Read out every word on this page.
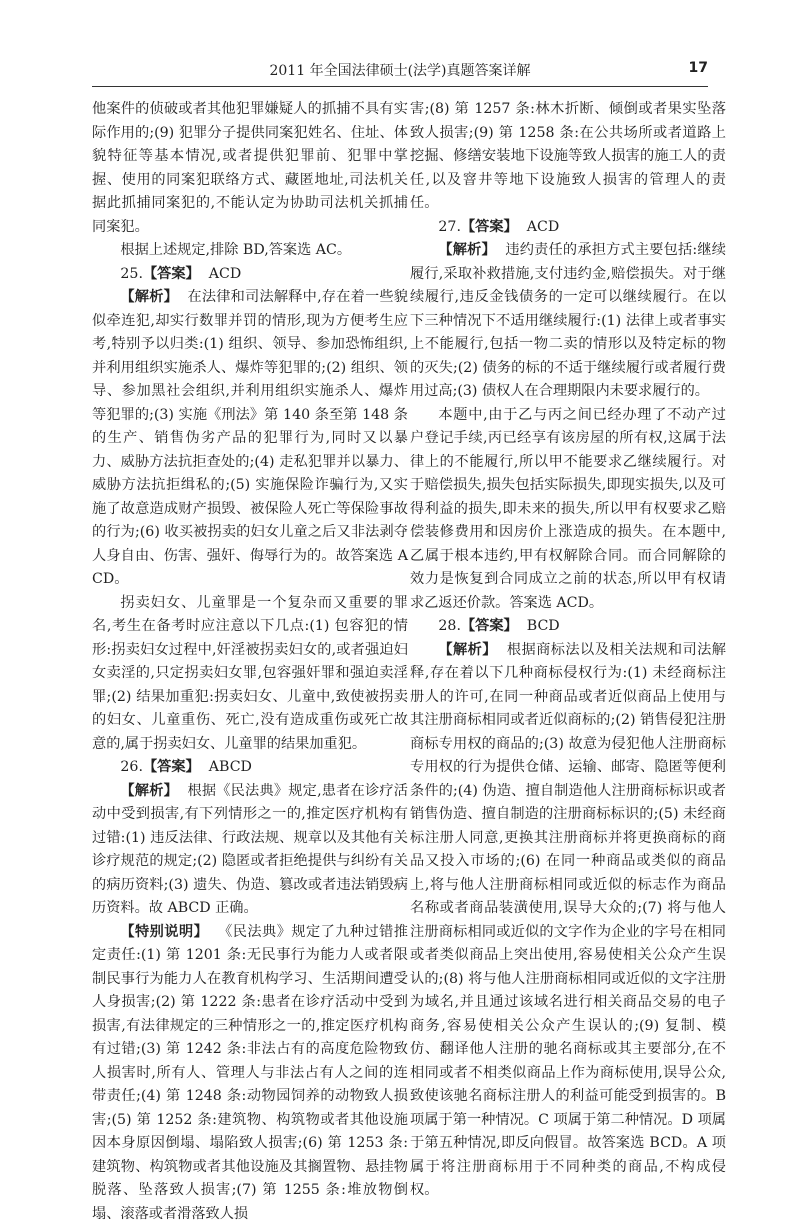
2011 年全国法律硕士(法学)真题答案详解	17

他案件的侦破或者其他犯罪嫌疑人的抓捕不具有实际作用的;(9) 犯罪分子提供同案犯姓名、住址、体貌特征等基本情况,或者提供犯罪前、犯罪中掌握、使用的同案犯联络方式、藏匿地址,司法机关据此抓捕同案犯的,不能认定为协助司法机关抓捕同案犯。

根据上述规定,排除 BD,答案选 AC。

25.【答案】 ACD

【解析】 在法律和司法解释中,存在着一些貌似牵连犯,却实行数罪并罚的情形,现为方便考生应考,特别予以归类:(1) 组织、领导、参加恐怖组织,并利用组织实施杀人、爆炸等犯罪的;(2) 组织、领导、参加黑社会组织,并利用组织实施杀人、爆炸等犯罪的;(3) 实施《刑法》第 140 条至第 148 条的生产、销售伪劣产品的犯罪行为,同时又以暴力、威胁方法抗拒查处的;(4) 走私犯罪并以暴力、威胁方法抗拒缉私的;(5) 实施保险诈骗行为,又实施了故意造成财产损毁、被保险人死亡等保险事故的行为;(6) 收买被拐卖的妇女儿童之后又非法剥夺人身自由、伤害、强奸、侮辱行为的。故答案选 ACD。

拐卖妇女、儿童罪是一个复杂而又重要的罪名,考生在备考时应注意以下几点:(1) 包容犯的情形:拐卖妇女过程中,奸淫被拐卖妇女的,或者强迫妇女卖淫的,只定拐卖妇女罪,包容强奸罪和强迫卖淫罪;(2) 结果加重犯:拐卖妇女、儿童中,致使被拐卖的妇女、儿童重伤、死亡,没有造成重伤或死亡故意的,属于拐卖妇女、儿童罪的结果加重犯。

26.【答案】 ABCD

【解析】 根据《民法典》规定,患者在诊疗活动中受到损害,有下列情形之一的,推定医疗机构有过错:(1) 违反法律、行政法规、规章以及其他有关诊疗规范的规定;(2) 隐匿或者拒绝提供与纠纷有关的病历资料;(3) 遗失、伪造、篡改或者违法销毁病历资料。故 ABCD 正确。

【特别说明】 《民法典》规定了九种过错推定责任:(1) 第 1201 条:无民事行为能力人或者限制民事行为能力人在教育机构学习、生活期间遭受人身损害;(2) 第 1222 条:患者在诊疗活动中受到损害,有法律规定的三种情形之一的,推定医疗机构有过错;(3) 第 1242 条:非法占有的高度危险物致人损害时,所有人、管理人与非法占有人之间的连带责任;(4) 第 1248 条:动物园饲养的动物致人损害;(5) 第 1252 条:建筑物、构筑物或者其他设施因本身原因倒塌、塌陷致人损害;(6) 第 1253 条:建筑物、构筑物或者其他设施及其搁置物、悬挂物脱落、坠落致人损害;(7) 第 1255 条:堆放物倒塌、滚落或者滑落致人损

害;(8) 第 1257 条:林木折断、倾倒或者果实坠落致人损害;(9) 第 1258 条:在公共场所或者道路上挖掘、修缮安装地下设施等致人损害的施工人的责任,以及窨井等地下设施致人损害的管理人的责任。

27.【答案】 ACD

【解析】 违约责任的承担方式主要包括:继续履行,采取补救措施,支付违约金,赔偿损失。对于继续履行,违反金钱债务的一定可以继续履行。在以下三种情况下不适用继续履行:(1) 法律上或者事实上不能履行,包括一物二卖的情形以及特定标的物的灭失;(2) 债务的标的不适于继续履行或者履行费用过高;(3) 债权人在合理期限内未要求履行的。

本题中,由于乙与丙之间已经办理了不动产过户登记手续,丙已经享有该房屋的所有权,这属于法律上的不能履行,所以甲不能要求乙继续履行。对于赔偿损失,损失包括实际损失,即现实损失,以及可得利益的损失,即未来的损失,所以甲有权要求乙赔偿装修费用和因房价上涨造成的损失。在本题中,乙属于根本违约,甲有权解除合同。而合同解除的效力是恢复到合同成立之前的状态,所以甲有权请求乙返还价款。答案选 ACD。

28.【答案】 BCD

【解析】 根据商标法以及相关法规和司法解释,存在着以下几种商标侵权行为:(1) 未经商标注册人的许可,在同一种商品或者近似商品上使用与其注册商标相同或者近似商标的;(2) 销售侵犯注册商标专用权的商品的;(3) 故意为侵犯他人注册商标专用权的行为提供仓储、运输、邮寄、隐匿等便利条件的;(4) 伪造、擅自制造他人注册商标标识或者销售伪造、擅自制造的注册商标标识的;(5) 未经商标注册人同意,更换其注册商标并将更换商标的商品又投入市场的;(6) 在同一种商品或类似的商品上,将与他人注册商标相同或近似的标志作为商品名称或者商品装潢使用,误导大众的;(7) 将与他人注册商标相同或近似的文字作为企业的字号在相同或者类似商品上突出使用,容易使相关公众产生误认的;(8) 将与他人注册商标相同或近似的文字注册为域名,并且通过该域名进行相关商品交易的电子商务,容易使相关公众产生误认的;(9) 复制、模仿、翻译他人注册的驰名商标或其主要部分,在不相同或者不相类似商品上作为商标使用,误导公众,致使该驰名商标注册人的利益可能受到损害的。B 项属于第一种情况。C 项属于第二种情况。D 项属于第五种情况,即反向假冒。故答案选 BCD。A 项属于将注册商标用于不同种类的商品,不构成侵权。
